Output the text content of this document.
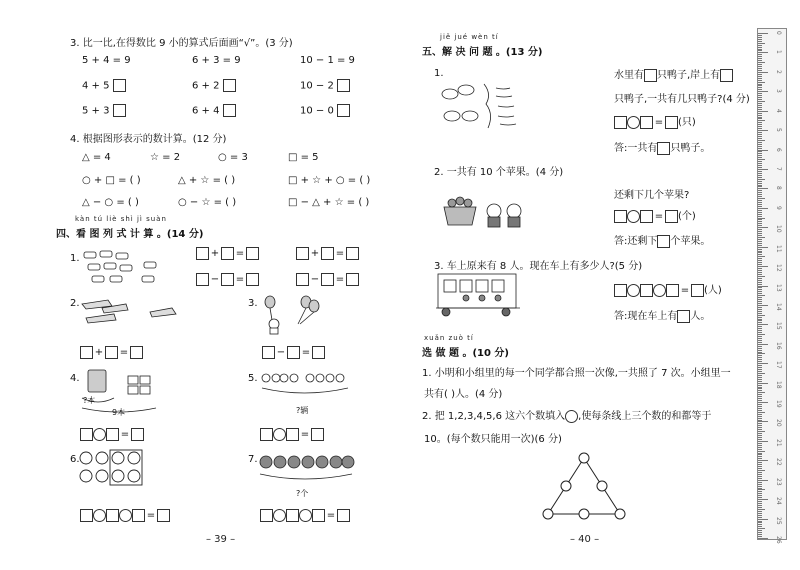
3. 比一比,在得数比 9 小的算式后面画“√”。(3 分)
5 + 4 = 9	6 + 3 = 9	10 − 1 = 9
4 + 5	6 + 2	10 − 2
5 + 3	6 + 4	10 − 0
4. 根据图形表示的数计算。(12 分)
△ = 4	☆ = 2	○ = 3	□ = 5
○ + □ = ( )	△ + ☆ = ( )	□ + ☆ + ○ = ( )
△ − ○ = ( )	○ − ☆ = ( )	□ − △ + ☆ = ( )
kàn tú liè shì jì suàn
四、看 图 列 式 计 算 。(14 分)
1.	+ =	+ =
− =	− =
2.
+ =
3.
− =
4.
?本
9本
=
5.
?辆
=
6.
=
7.
?个
=
– 39 –
jiě jué wèn tí
五、解 决 问 题 。(13 分)
1.	水里有 只鸭子,岸上有
只鸭子,一共有几只鸭子?(4 分)
= (只)
答:一共有 只鸭子。
2. 一共有 10 个苹果。(4 分)
还剩下几个苹果?
= (个)
答:还剩下 个苹果。
3. 车上原来有 8 人。现在车上有多少人?(5 分)
= (人)
答:现在车上有 人。
xuǎn zuò tí
选 做 题 。(10 分)
1. 小明和小组里的每一个同学都合照一次像,一共照了 7 次。小组里一
共有( )人。(4 分)
2. 把 1,2,3,4,5,6 这六个数填入 ,使每条线上三个数的和都等于
10。(每个数只能用一次)(6 分)
– 40 –
0
1
2
3
4
5
6
7
8
9
10
11
12
13
14
15
16
17
18
19
20
21
22
23
24
25
26
